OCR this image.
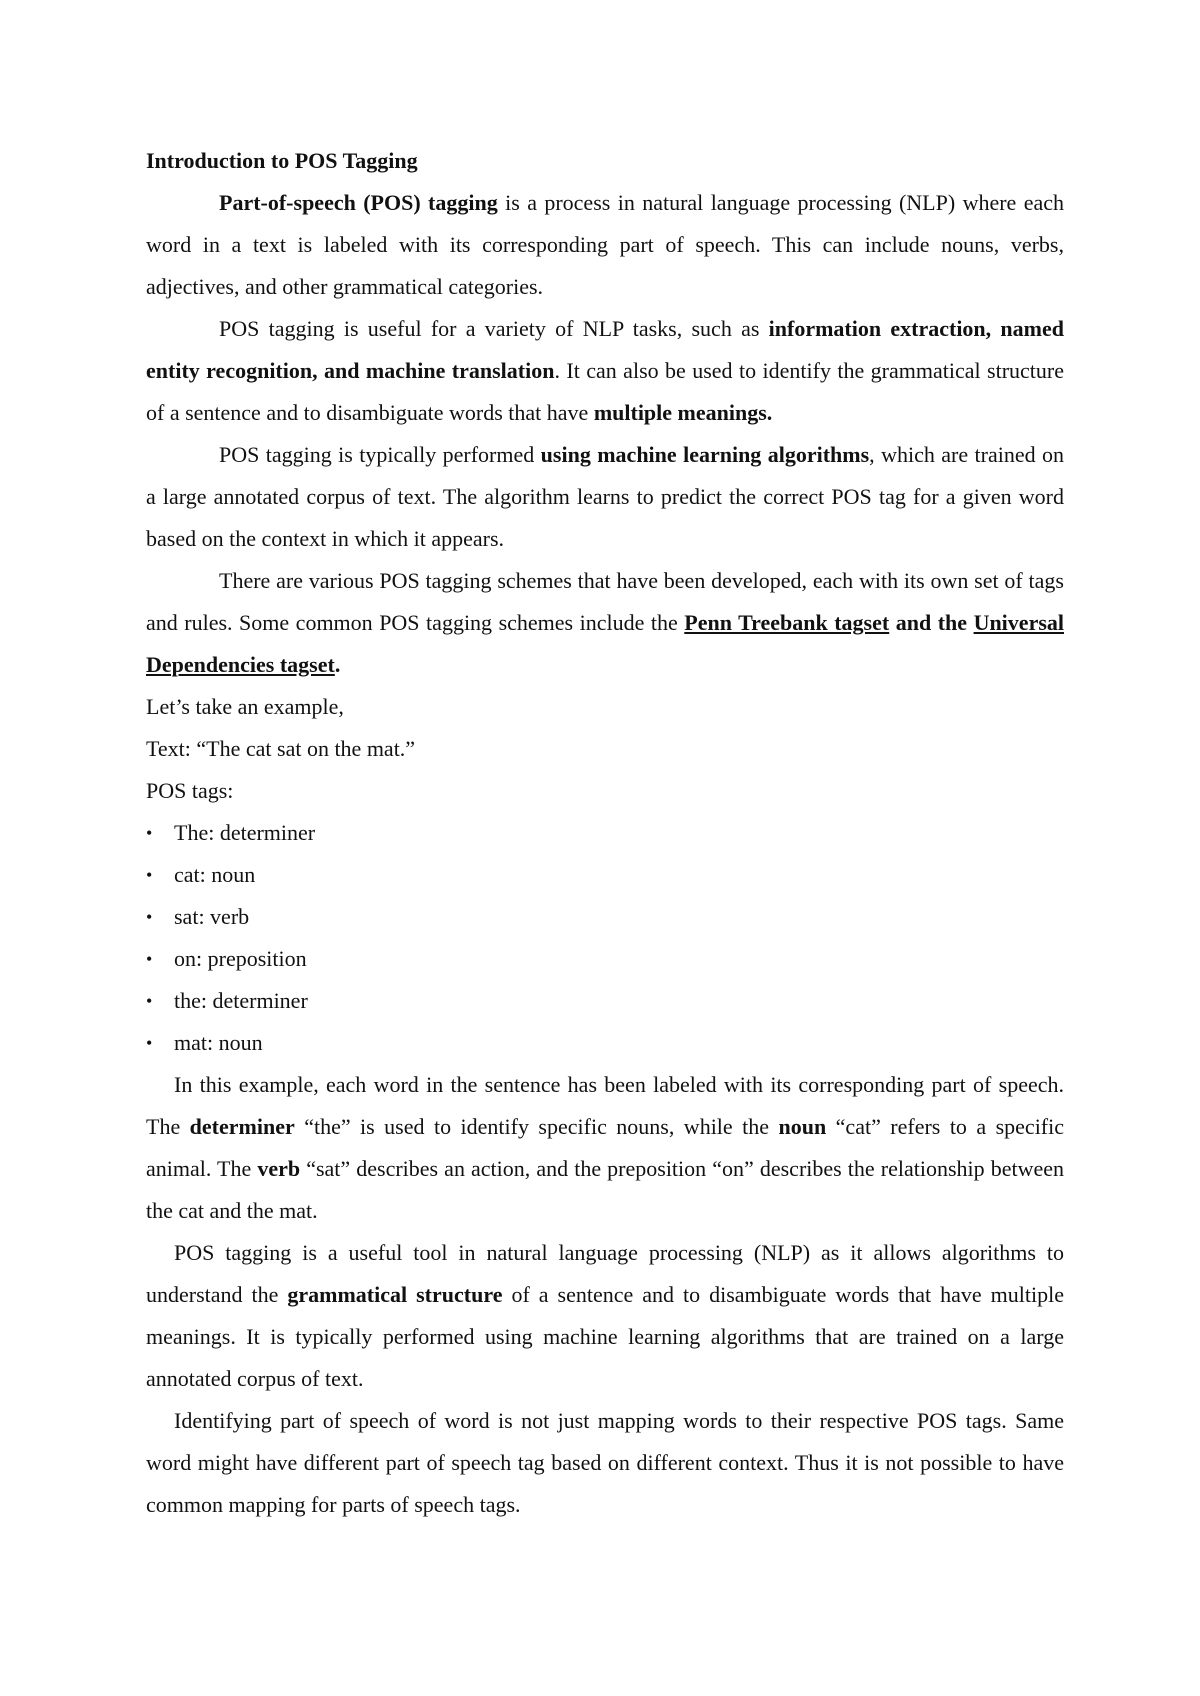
Introduction to POS Tagging

Part-of-speech (POS) tagging is a process in natural language processing (NLP) where each word in a text is labeled with its corresponding part of speech. This can include nouns, verbs, adjectives, and other grammatical categories.

POS tagging is useful for a variety of NLP tasks, such as information extraction, named entity recognition, and machine translation. It can also be used to identify the grammatical structure of a sentence and to disambiguate words that have multiple meanings.

POS tagging is typically performed using machine learning algorithms, which are trained on a large annotated corpus of text. The algorithm learns to predict the correct POS tag for a given word based on the context in which it appears.

There are various POS tagging schemes that have been developed, each with its own set of tags and rules. Some common POS tagging schemes include the Penn Treebank tagset and the Universal Dependencies tagset.

Let’s take an example,

Text: “The cat sat on the mat.”

POS tags:

• The: determiner
• cat: noun
• sat: verb
• on: preposition
• the: determiner
• mat: noun

In this example, each word in the sentence has been labeled with its corresponding part of speech. The determiner “the” is used to identify specific nouns, while the noun “cat” refers to a specific animal. The verb “sat” describes an action, and the preposition “on” describes the relationship between the cat and the mat.

POS tagging is a useful tool in natural language processing (NLP) as it allows algorithms to understand the grammatical structure of a sentence and to disambiguate words that have multiple meanings. It is typically performed using machine learning algorithms that are trained on a large annotated corpus of text.

Identifying part of speech of word is not just mapping words to their respective POS tags. Same word might have different part of speech tag based on different context. Thus it is not possible to have common mapping for parts of speech tags.
